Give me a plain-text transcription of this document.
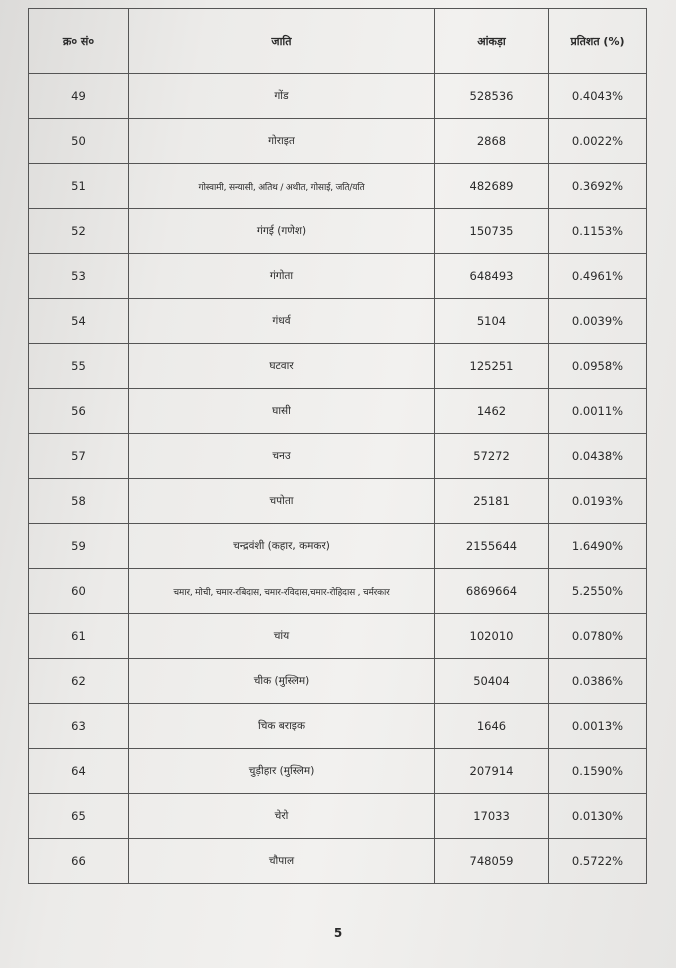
क्र० सं०	जाति	आंकड़ा	प्रतिशत (%)
49	गोंड	528536	0.4043%
50	गोराइत	2868	0.0022%
51	गोस्वामी, सन्यासी, अतिथ / अथीत, गोसाई, जति/यति	482689	0.3692%
52	गंगई (गणेश)	150735	0.1153%
53	गंगोता	648493	0.4961%
54	गंधर्व	5104	0.0039%
55	घटवार	125251	0.0958%
56	घासी	1462	0.0011%
57	चनउ	57272	0.0438%
58	चपोता	25181	0.0193%
59	चन्द्रवंशी (कहार, कमकर)	2155644	1.6490%
60	चमार, मोची, चमार-रबिदास, चमार-रविदास,चमार-रोहिदास , चर्मरकार	6869664	5.2550%
61	चांय	102010	0.0780%
62	चीक (मुस्लिम)	50404	0.0386%
63	चिक बराइक	1646	0.0013%
64	चुड़ीहार (मुस्लिम)	207914	0.1590%
65	चेरो	17033	0.0130%
66	चौपाल	748059	0.5722%
5
